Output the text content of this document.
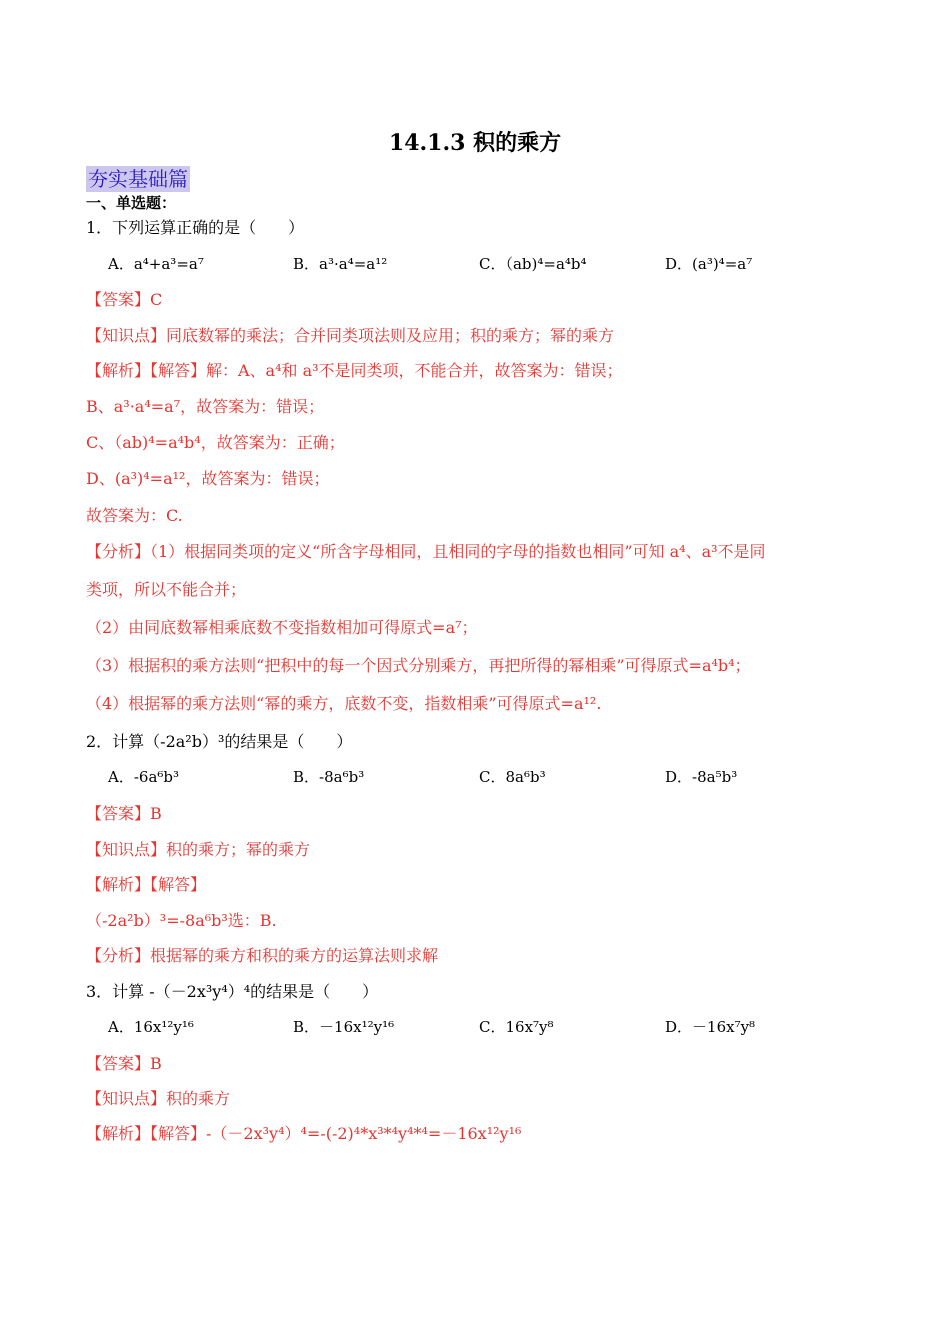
14.1.3 积的乘方
夯实基础篇
一、单选题：
1．下列运算正确的是（　　）
A．a⁴+a³=a⁷	B．a³·a⁴=a¹²	C．（ab)⁴=a⁴b⁴	D．(a³)⁴=a⁷
【答案】C
【知识点】同底数幂的乘法；合并同类项法则及应用；积的乘方；幂的乘方
【解析】【解答】解：A、a⁴和 a³不是同类项，不能合并，故答案为：错误；
B、a³·a⁴=a⁷，故答案为：错误；
C、（ab)⁴=a⁴b⁴，故答案为：正确；
D、(a³)⁴=a¹²，故答案为：错误；
故答案为：C.
【分析】（1）根据同类项的定义“所含字母相同，且相同的字母的指数也相同”可知 a⁴、a³不是同
类项，所以不能合并；
（2）由同底数幂相乘底数不变指数相加可得原式=a⁷；
（3）根据积的乘方法则“把积中的每一个因式分别乘方，再把所得的幂相乘”可得原式=a⁴b⁴；
（4）根据幂的乘方法则“幂的乘方，底数不变，指数相乘”可得原式=a¹².
2．计算（-2a²b）³的结果是（　　）
A．-6a⁶b³	B．-8a⁶b³	C．8a⁶b³	D．-8a⁵b³
【答案】B
【知识点】积的乘方；幂的乘方
【解析】【解答】
（-2a²b）³=-8a⁶b³选：B.
【分析】根据幂的乘方和积的乘方的运算法则求解
3．计算 -（－2x³y⁴）⁴的结果是（　　）
A．16x¹²y¹⁶	B．－16x¹²y¹⁶	C．16x⁷y⁸	D．－16x⁷y⁸
【答案】B
【知识点】积的乘方
【解析】【解答】-（－2x³y⁴）⁴=-(-2)⁴*x³*⁴y⁴*⁴=－16x¹²y¹⁶
